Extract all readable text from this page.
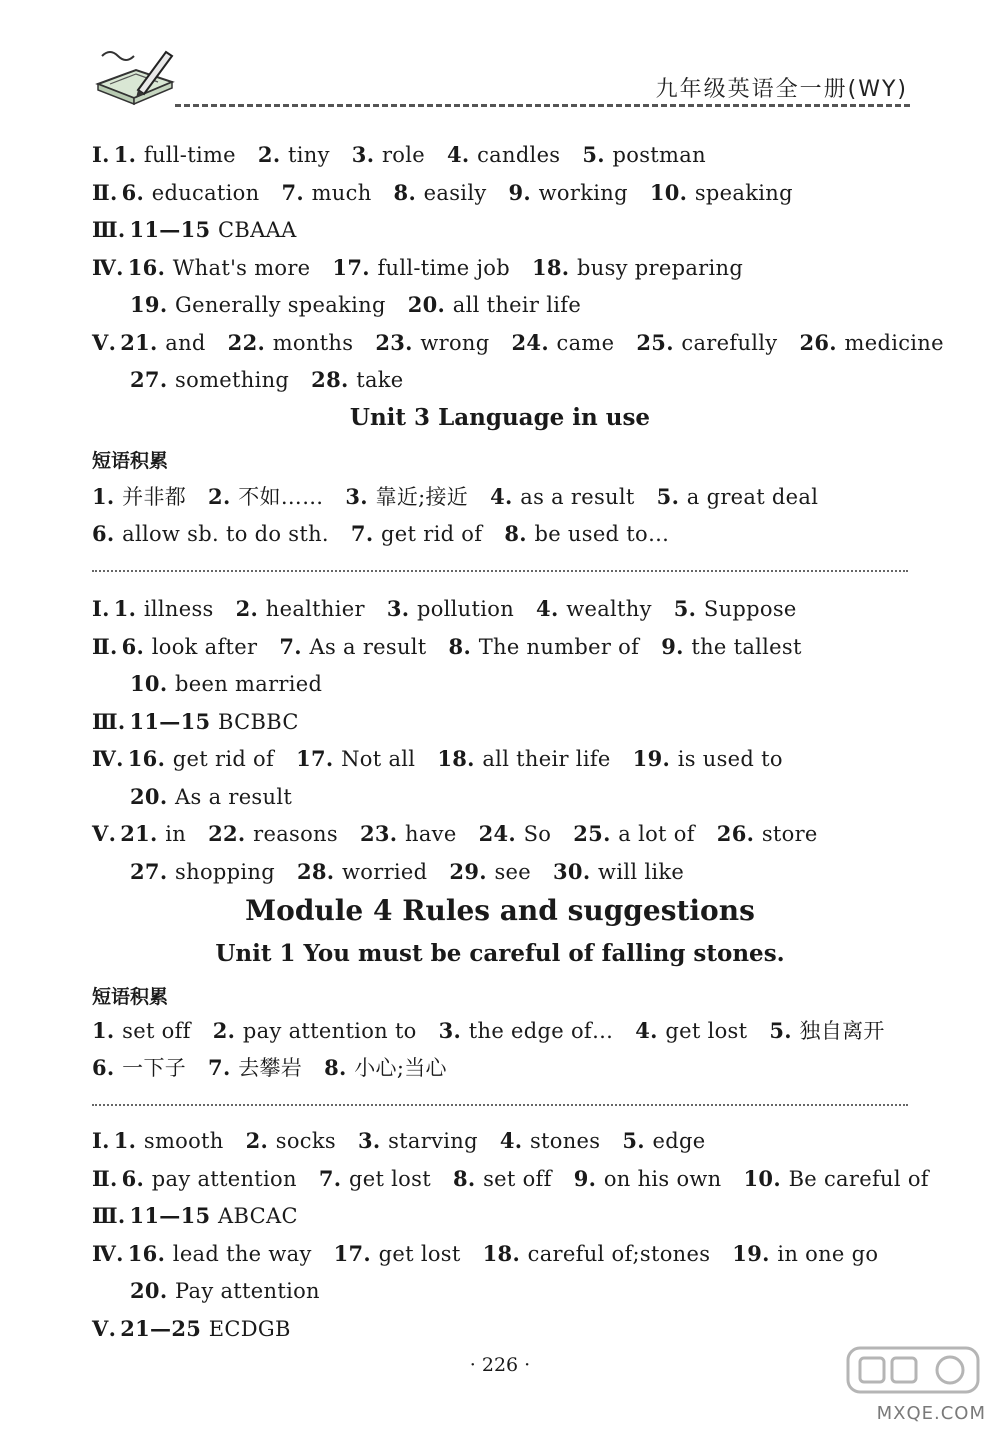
九年级英语全一册(WY)
Ⅰ. 1. full-time 2. tiny 3. role 4. candles 5. postman
Ⅱ. 6. education 7. much 8. easily 9. working 10. speaking
Ⅲ. 11—15 CBAAA
Ⅳ. 16. What's more 17. full-time job 18. busy preparing
19. Generally speaking 20. all their life
Ⅴ. 21. and 22. months 23. wrong 24. came 25. carefully 26. medicine
27. something 28. take
Unit 3 Language in use
短语积累
1. 并非都 2. 不如…… 3. 靠近;接近 4. as a result 5. a great deal
6. allow sb. to do sth. 7. get rid of 8. be used to…
Ⅰ. 1. illness 2. healthier 3. pollution 4. wealthy 5. Suppose
Ⅱ. 6. look after 7. As a result 8. The number of 9. the tallest
10. been married
Ⅲ. 11—15 BCBBC
Ⅳ. 16. get rid of 17. Not all 18. all their life 19. is used to
20. As a result
Ⅴ. 21. in 22. reasons 23. have 24. So 25. a lot of 26. store
27. shopping 28. worried 29. see 30. will like
Module 4 Rules and suggestions
Unit 1 You must be careful of falling stones.
短语积累
1. set off 2. pay attention to 3. the edge of… 4. get lost 5. 独自离开
6. 一下子 7. 去攀岩 8. 小心;当心
Ⅰ. 1. smooth 2. socks 3. starving 4. stones 5. edge
Ⅱ. 6. pay attention 7. get lost 8. set off 9. on his own 10. Be careful of
Ⅲ. 11—15 ABCAC
Ⅳ. 16. lead the way 17. get lost 18. careful of;stones 19. in one go
20. Pay attention
Ⅴ. 21—25 ECDGB
· 226 ·
MXQE.COM
